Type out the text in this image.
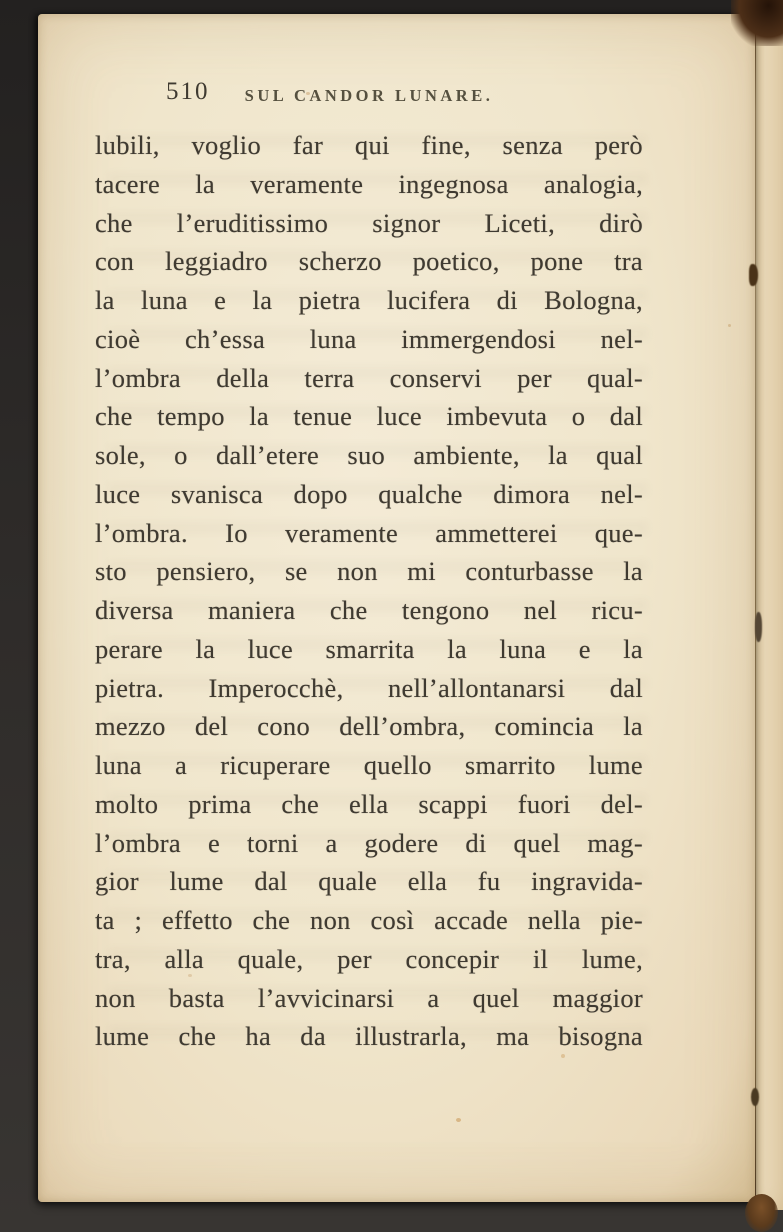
510	SUL CANDOR LUNARE.
lubili, voglio far qui fine, senza però
tacere la veramente ingegnosa analogia,
che l’eruditissimo signor Liceti, dirò
con leggiadro scherzo poetico, pone tra
la luna e la pietra lucifera di Bologna,
cioè ch’essa luna immergendosi nel-
l’ombra della terra conservi per qual-
che tempo la tenue luce imbevuta o dal
sole, o dall’etere suo ambiente, la qual
luce svanisca dopo qualche dimora nel-
l’ombra. Io veramente ammetterei que-
sto pensiero, se non mi conturbasse la
diversa maniera che tengono nel ricu-
perare la luce smarrita la luna e la
pietra. Imperocchè, nell’allontanarsi dal
mezzo del cono dell’ombra, comincia la
luna a ricuperare quello smarrito lume
molto prima che ella scappi fuori del-
l’ombra e torni a godere di quel mag-
gior lume dal quale ella fu ingravida-
ta ; effetto che non così accade nella pie-
tra, alla quale, per concepir il lume,
non basta l’avvicinarsi a quel maggior
lume che ha da illustrarla, ma bisogna
